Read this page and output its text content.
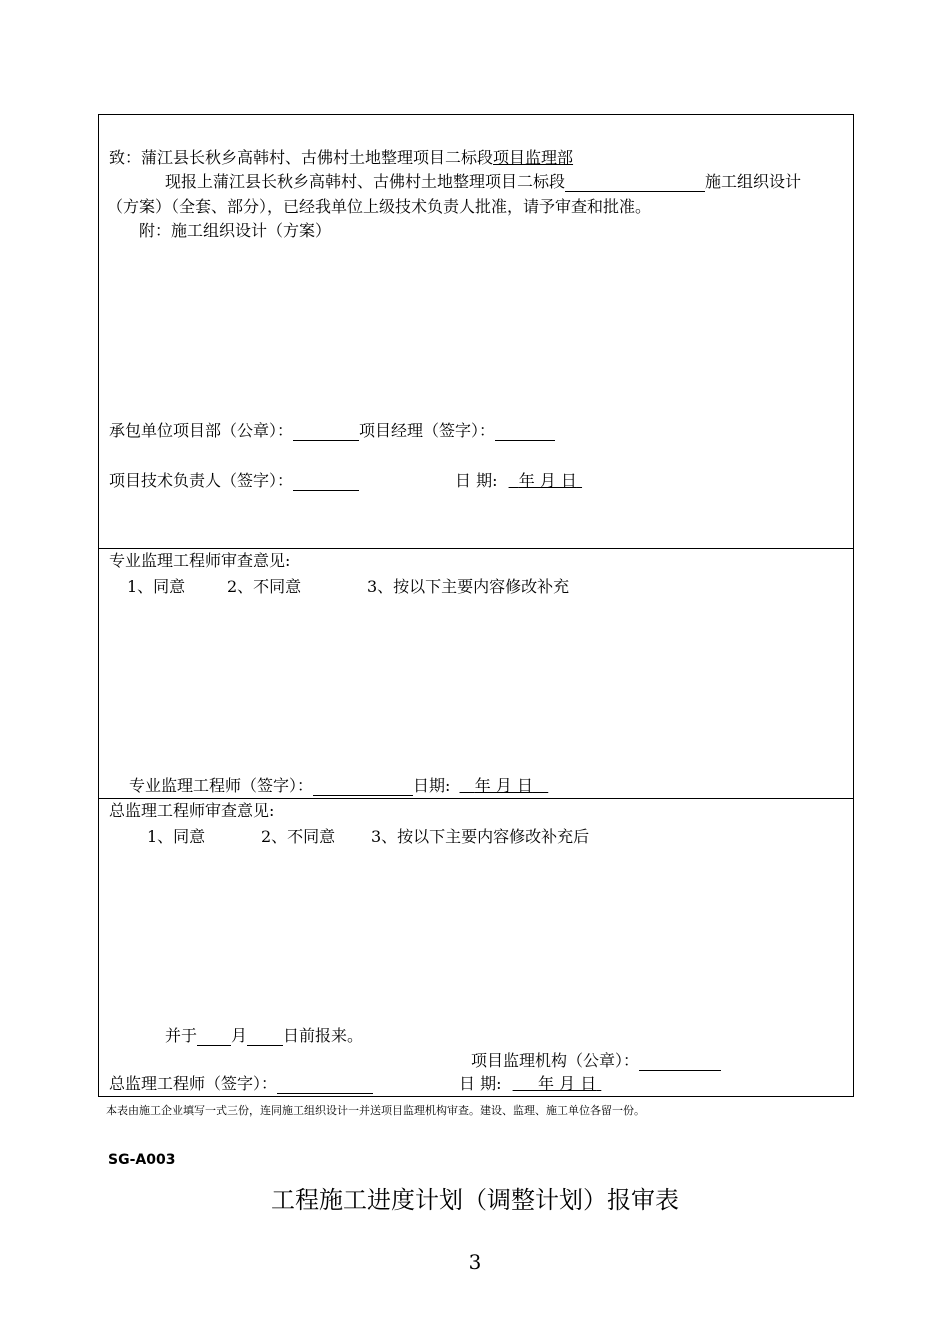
致：蒲江县长秋乡高韩村、古佛村土地整理项目二标段项目监理部
现报上蒲江县长秋乡高韩村、古佛村土地整理项目二标段	施工组织设计
（方案）（全套、部分），已经我单位上级技术负责人批准，请予审查和批准。
附：施工组织设计（方案）
承包单位项目部（公章）：	项目经理（签字）：
项目技术负责人（签字）：	日 期: 年 月 日
专业监理工程师审查意见:
1、同意	2、不同意	3、按以下主要内容修改补充
专业监理工程师（签字）：	日期: 年 月 日
总监理工程师审查意见:
1、同意	2、不同意 3、按以下主要内容修改补充后
并于 月 日前报来。
项目监理机构（公章）：
总监理工程师（签字）：	日 期: 年 月 日
本表由施工企业填写一式三份，连同施工组织设计一并送项目监理机构审查。建设、监理、施工单位各留一份。
SG-A003
工程施工进度计划（调整计划）报审表
3
